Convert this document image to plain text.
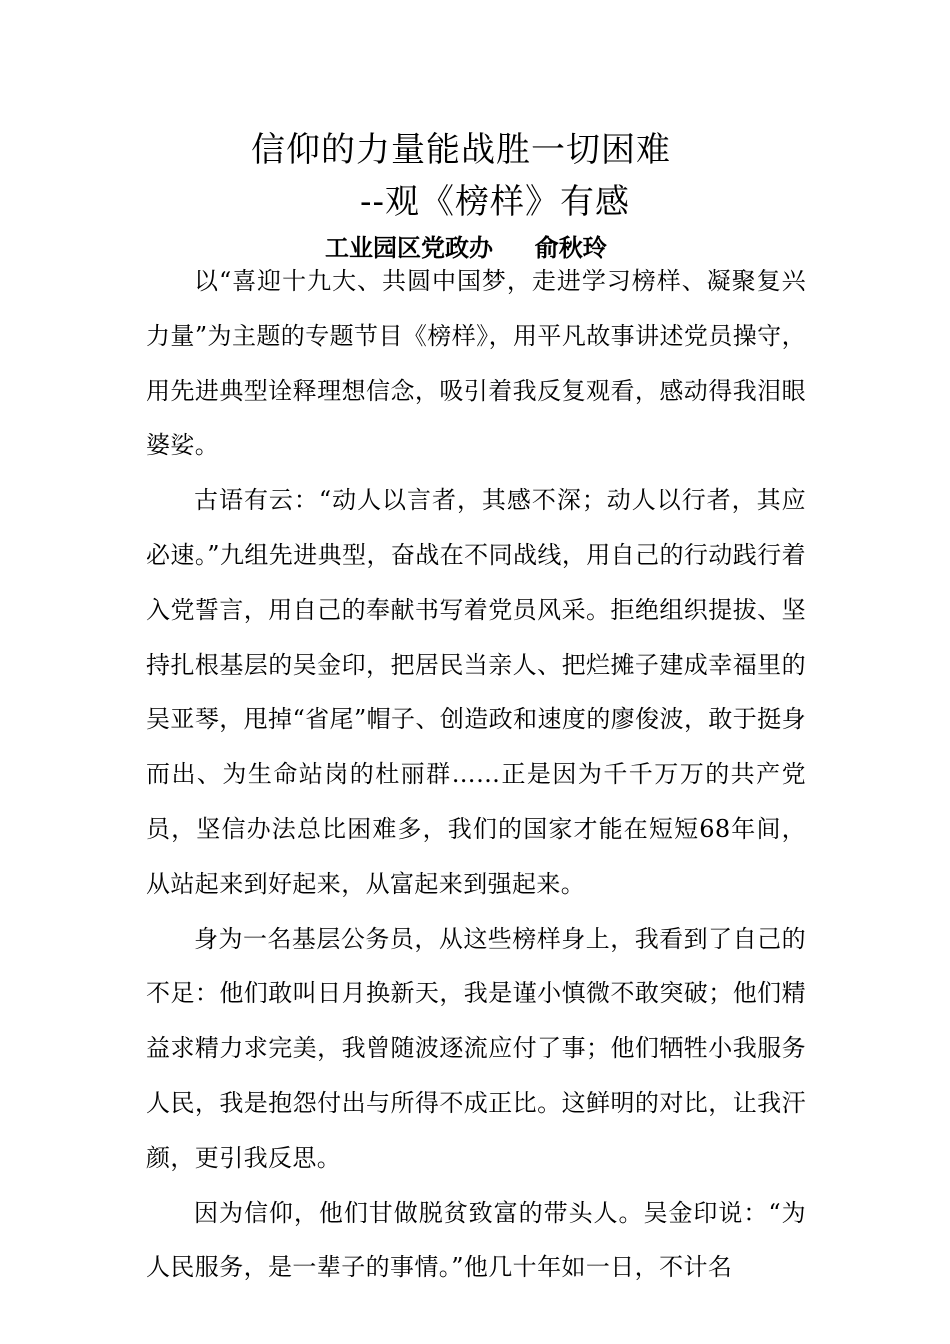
信仰的力量能战胜一切困难
--观《榜样》有感
工业园区党政办 俞秋玲

以“喜迎十九大、共圆中国梦，走进学习榜样、凝聚复兴力量”为主题的专题节目《榜样》，用平凡故事讲述党员操守，用先进典型诠释理想信念，吸引着我反复观看，感动得我泪眼婆娑。

古语有云：“动人以言者，其感不深；动人以行者，其应必速。”九组先进典型，奋战在不同战线，用自己的行动践行着入党誓言，用自己的奉献书写着党员风采。拒绝组织提拔、坚持扎根基层的吴金印，把居民当亲人、把烂摊子建成幸福里的吴亚琴，甩掉“省尾”帽子、创造政和速度的廖俊波，敢于挺身而出、为生命站岗的杜丽群……正是因为千千万万的共产党员，坚信办法总比困难多，我们的国家才能在短短68年间，从站起来到好起来，从富起来到强起来。

身为一名基层公务员，从这些榜样身上，我看到了自己的不足：他们敢叫日月换新天，我是谨小慎微不敢突破；他们精益求精力求完美，我曾随波逐流应付了事；他们牺牲小我服务人民，我是抱怨付出与所得不成正比。这鲜明的对比，让我汗颜，更引我反思。

因为信仰，他们甘做脱贫致富的带头人。吴金印说：“为人民服务，是一辈子的事情。”他几十年如一日，不计名
